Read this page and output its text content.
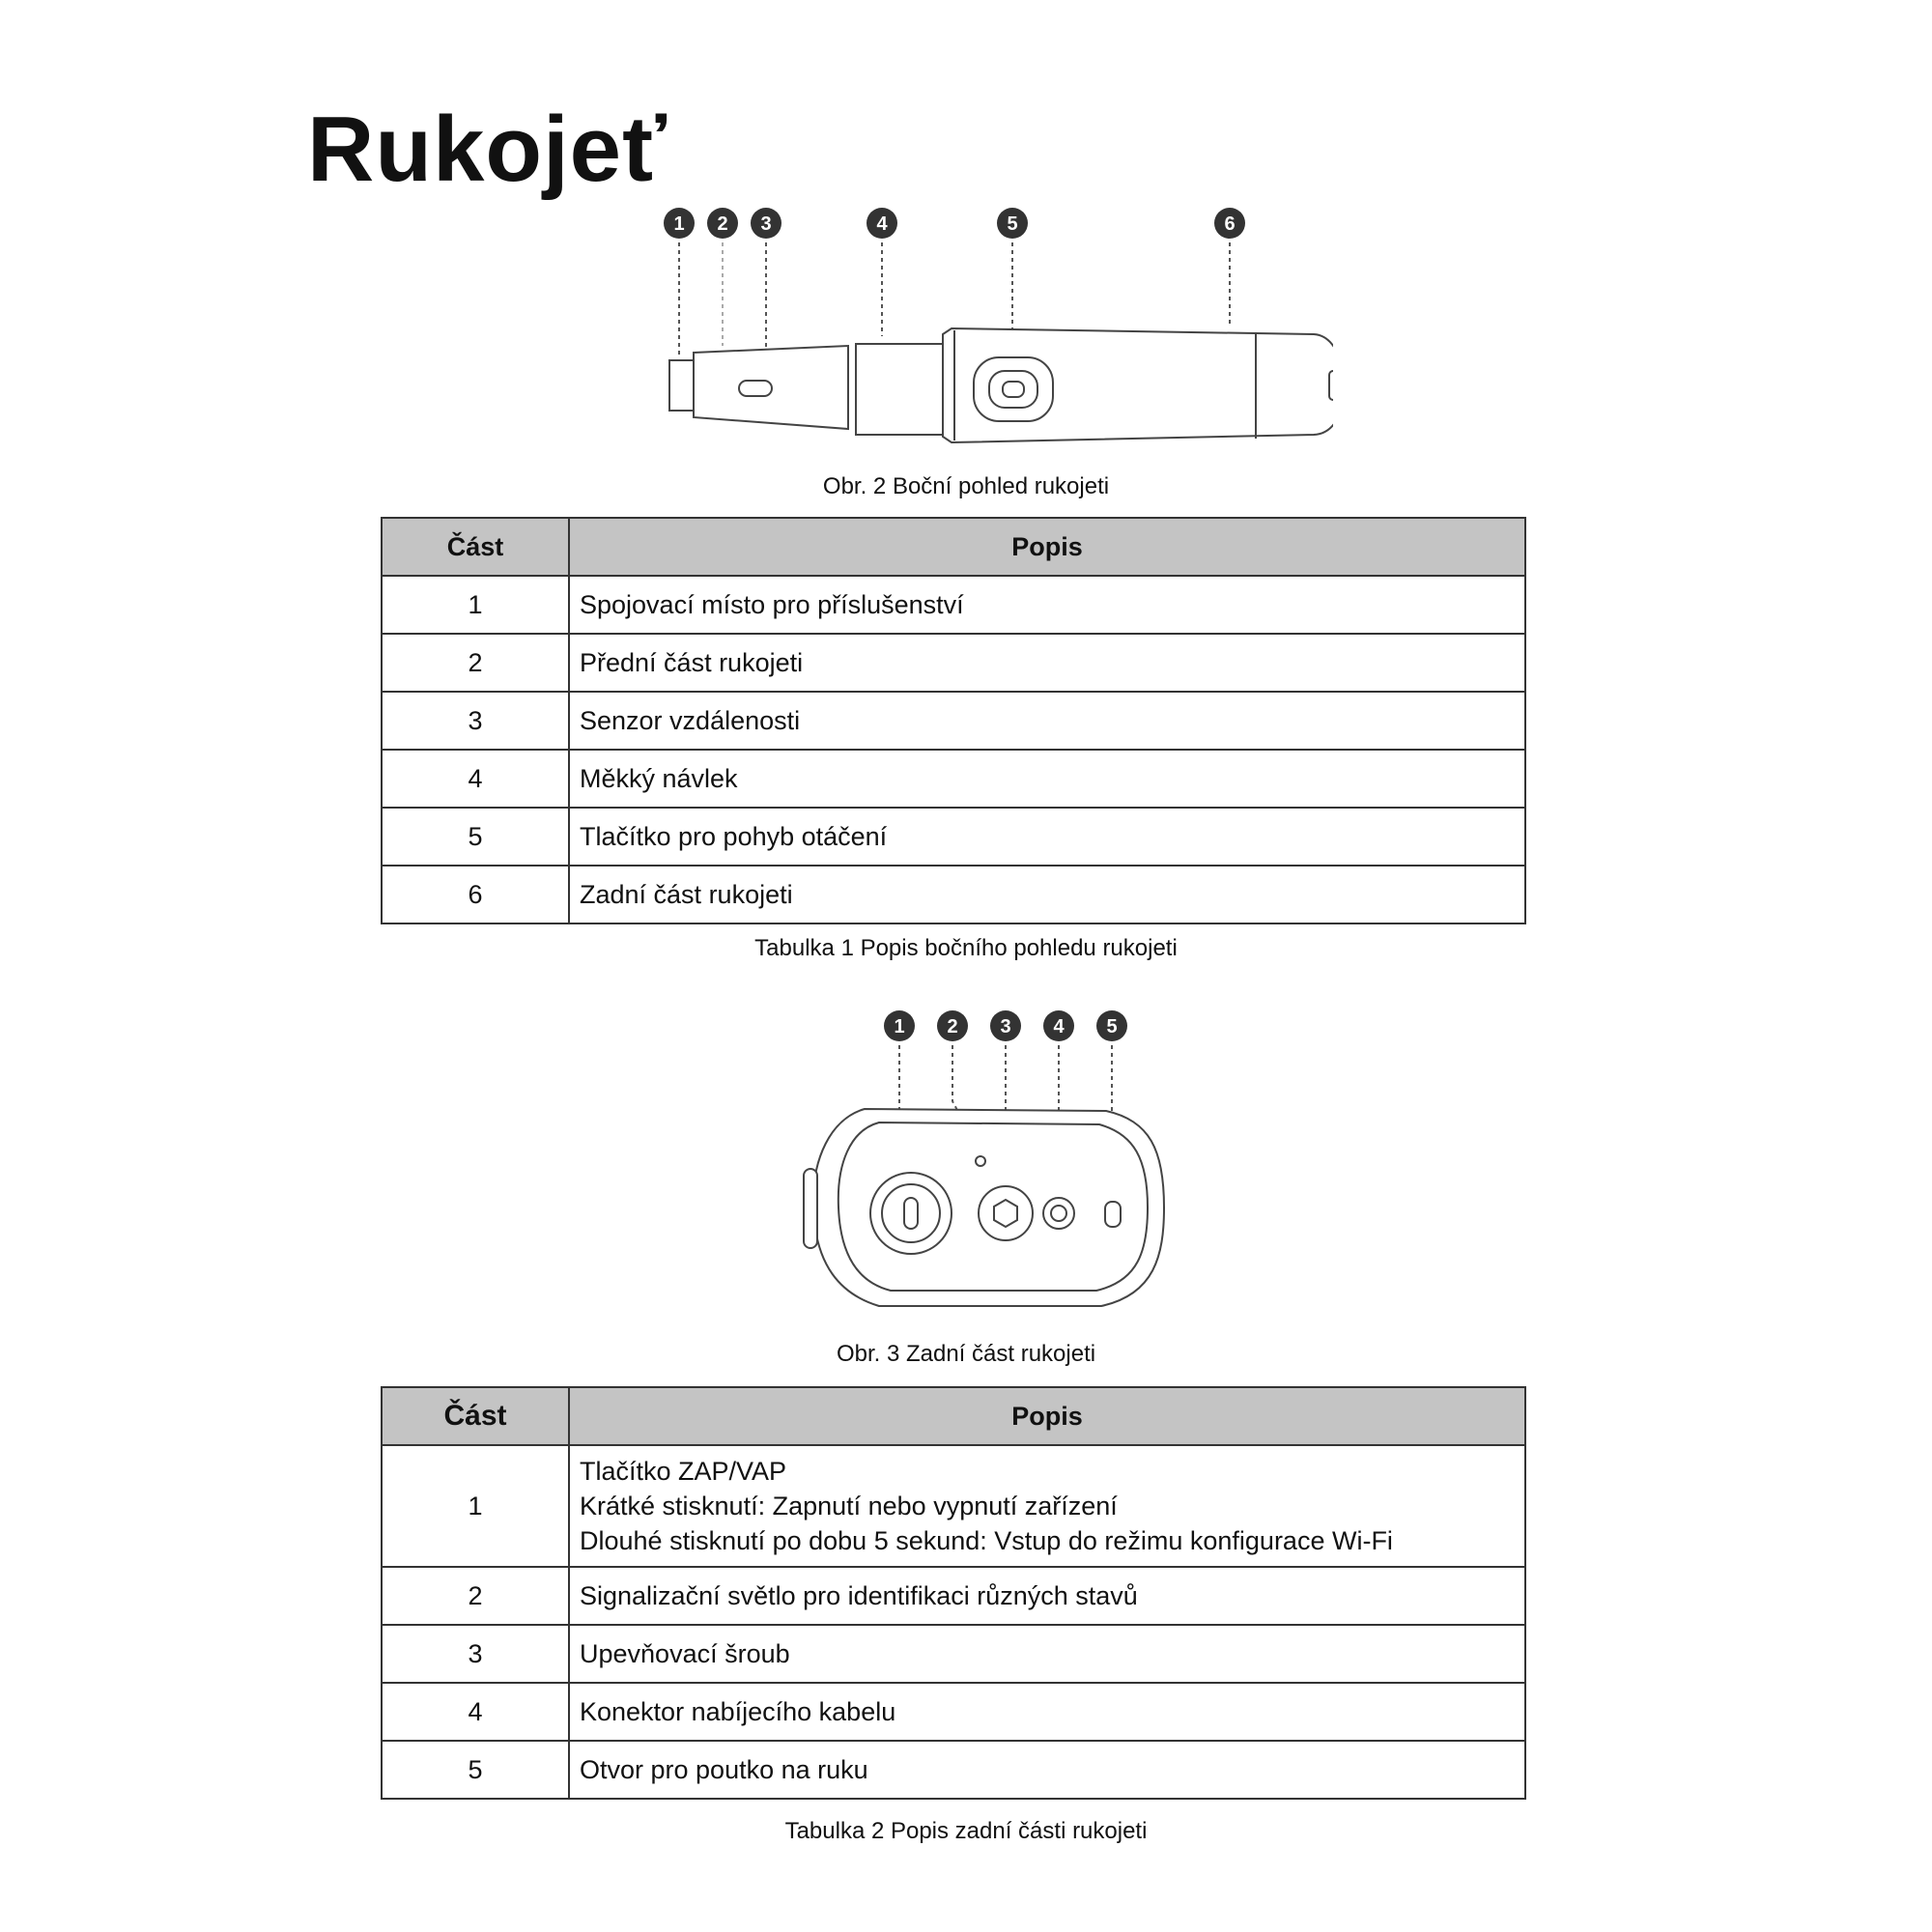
Rukojeť
1 2 3	4	5	6
Obr. 2 Boční pohled rukojeti
Část	Popis
1	Spojovací místo pro příslušenství
2	Přední část rukojeti
3	Senzor vzdálenosti
4	Měkký návlek
5	Tlačítko pro pohyb otáčení
6	Zadní část rukojeti
Tabulka 1 Popis bočního pohledu rukojeti
1 2 3 4 5
Obr. 3 Zadní část rukojeti
Část	Popis
1	Tlačítko ZAP/VAP
Krátké stisknutí: Zapnutí nebo vypnutí zařízení
Dlouhé stisknutí po dobu 5 sekund: Vstup do režimu konfigurace Wi-Fi

2	Signalizační světlo pro identifikaci různých stavů
3	Upevňovací šroub
4	Konektor nabíjecího kabelu
5	Otvor pro poutko na ruku
Tabulka 2 Popis zadní části rukojeti
